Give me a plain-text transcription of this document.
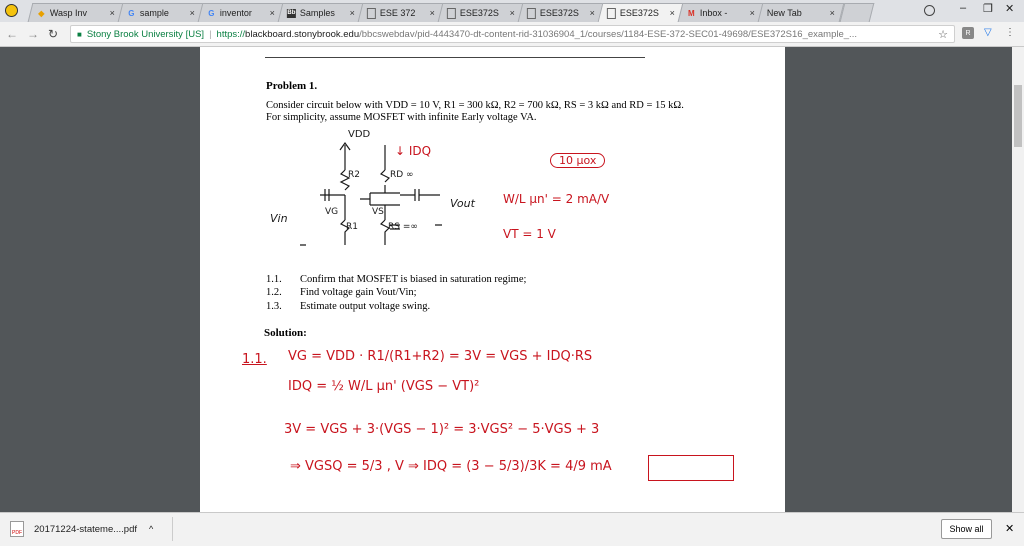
◆ Wasp Inv	× G sample	× G inventor	× Bb Samples	×	ESE 372	×	ESE372S	×	ESE372S	×	ESE372S	× M Inbox -	× New Tab	×	– ❐ ✕
← → ↻ ■ Stony Brook University [US] | https:// blackboard.stonybrook.edu /bbcswebdav/pid-4443470-dt-content-rid-31036904_1/courses/1184-ESE-372-SEC01-49698/ESE372S16_example_...	☆	R	▽ ⋮
Problem 1.
Consider circuit below with VDD = 10 V, R1 = 300 kΩ, R2 = 700 kΩ, RS = 3 kΩ and RD = 15 kΩ.
For simplicity, assume MOSFET with infinite Early voltage VA.
VDD
↓ IDQ
R2	RD ∞
Vin	VG	VS
R1	RS =∞
Vout
10 μox
W/L μn' = 2 mA/V
VT = 1 V
1.1. Confirm that MOSFET is biased in saturation regime;
1.2. Find voltage gain Vout/Vin;
1.3. Estimate output voltage swing.
Solution:
1.1. VG = VDD · R1/(R1+R2) = 3V = VGS + IDQ·RS
IDQ = ½ W/L μn' (VGS − VT)²
3V = VGS + 3·(VGS − 1)² = 3·VGS² − 5·VGS + 3
⇒ VGSQ = 5/3 , V ⇒ IDQ = (3 − 5/3)/3K = 4/9 mA
PDF 20171224-stateme....pdf ^	Show all	✕
